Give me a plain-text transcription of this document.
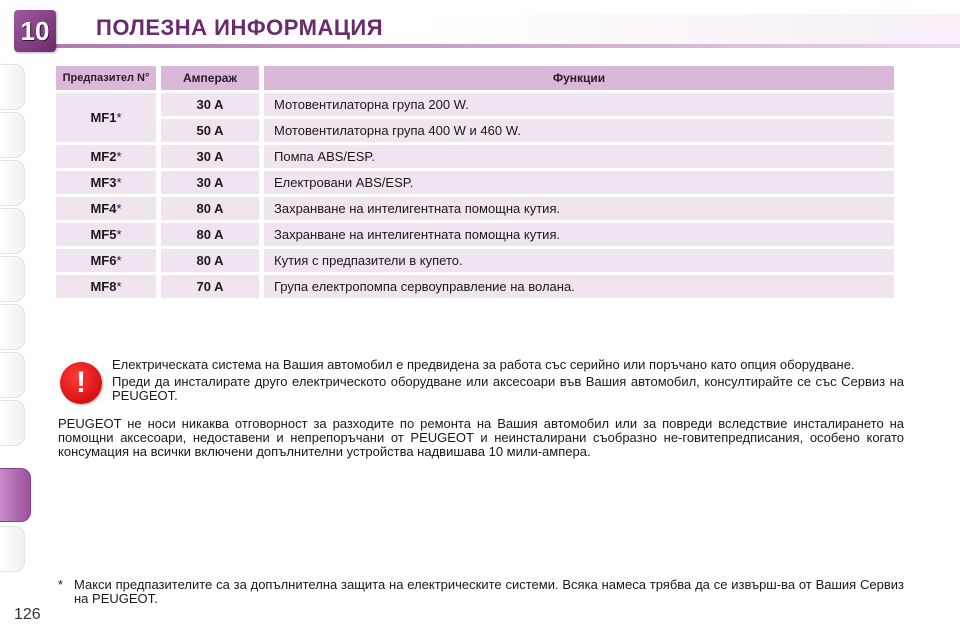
10 ПОЛЕЗНА ИНФОРМАЦИЯ
Предпазител N°	Ампераж	Функции
MF1*	30 A	Мотовентилаторна група 200 W.
	50 A	Мотовентилаторна група 400 W и 460 W.
MF2*	30 A	Помпа ABS/ESP.
MF3*	30 A	Електровани ABS/ESP.
MF4*	80 A	Захранване на интелигентната помощна кутия.
MF5*	80 A	Захранване на интелигентната помощна кутия.
MF6*	80 A	Кутия с предпазители в купето.
MF8*	70 A	Група електропомпа сервоуправление на волана.
!

Електрическата система на Вашия автомобил е предвидена за работа със серийно или поръчано като опция оборудване.

Преди да инсталирате друго електрическото оборудване или аксесоари във Вашия автомобил, консултирайте се със Сервиз на PEUGEOT.

PEUGEOT не носи никаква отговорност за разходите по ремонта на Вашия автомобил или за повреди вследствие инсталирането на помощни аксесоари, недоставени и непрепоръчани от PEUGEOT и неинсталирани съобразно не-говитепредписания, особено когато консумация на всички включени допълнителни устройства надвишава 10 мили-ампера.

* Макси предпазителите са за допълнителна защита на електрическите системи. Всяка намеса трябва да се извърш-ва от Вашия Сервиз на PEUGEOT.
126
